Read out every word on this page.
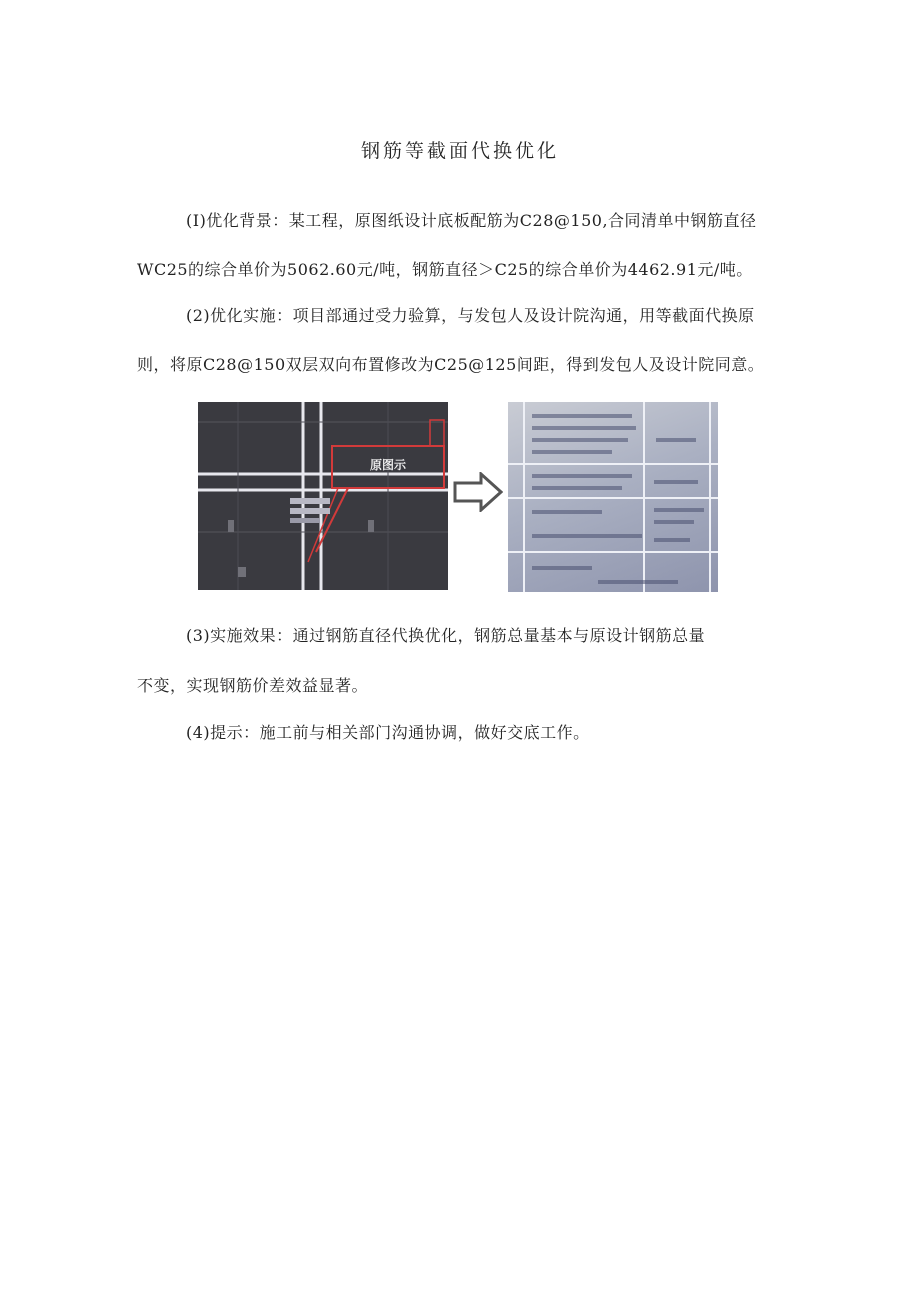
钢筋等截面代换优化
(I)优化背景：某工程，原图纸设计底板配筋为C28@150,合同清单中钢筋直径
WC25的综合单价为5062.60元/吨，钢筋直径＞C25的综合单价为4462.91元/吨。
(2)优化实施：项目部通过受力验算，与发包人及设计院沟通，用等截面代换原
则，将原C28@150双层双向布置修改为C25@125间距，得到发包人及设计院同意。
原图示
(3)实施效果：通过钢筋直径代换优化，钢筋总量基本与原设计钢筋总量
不变，实现钢筋价差效益显著。
(4)提示：施工前与相关部门沟通协调，做好交底工作。
